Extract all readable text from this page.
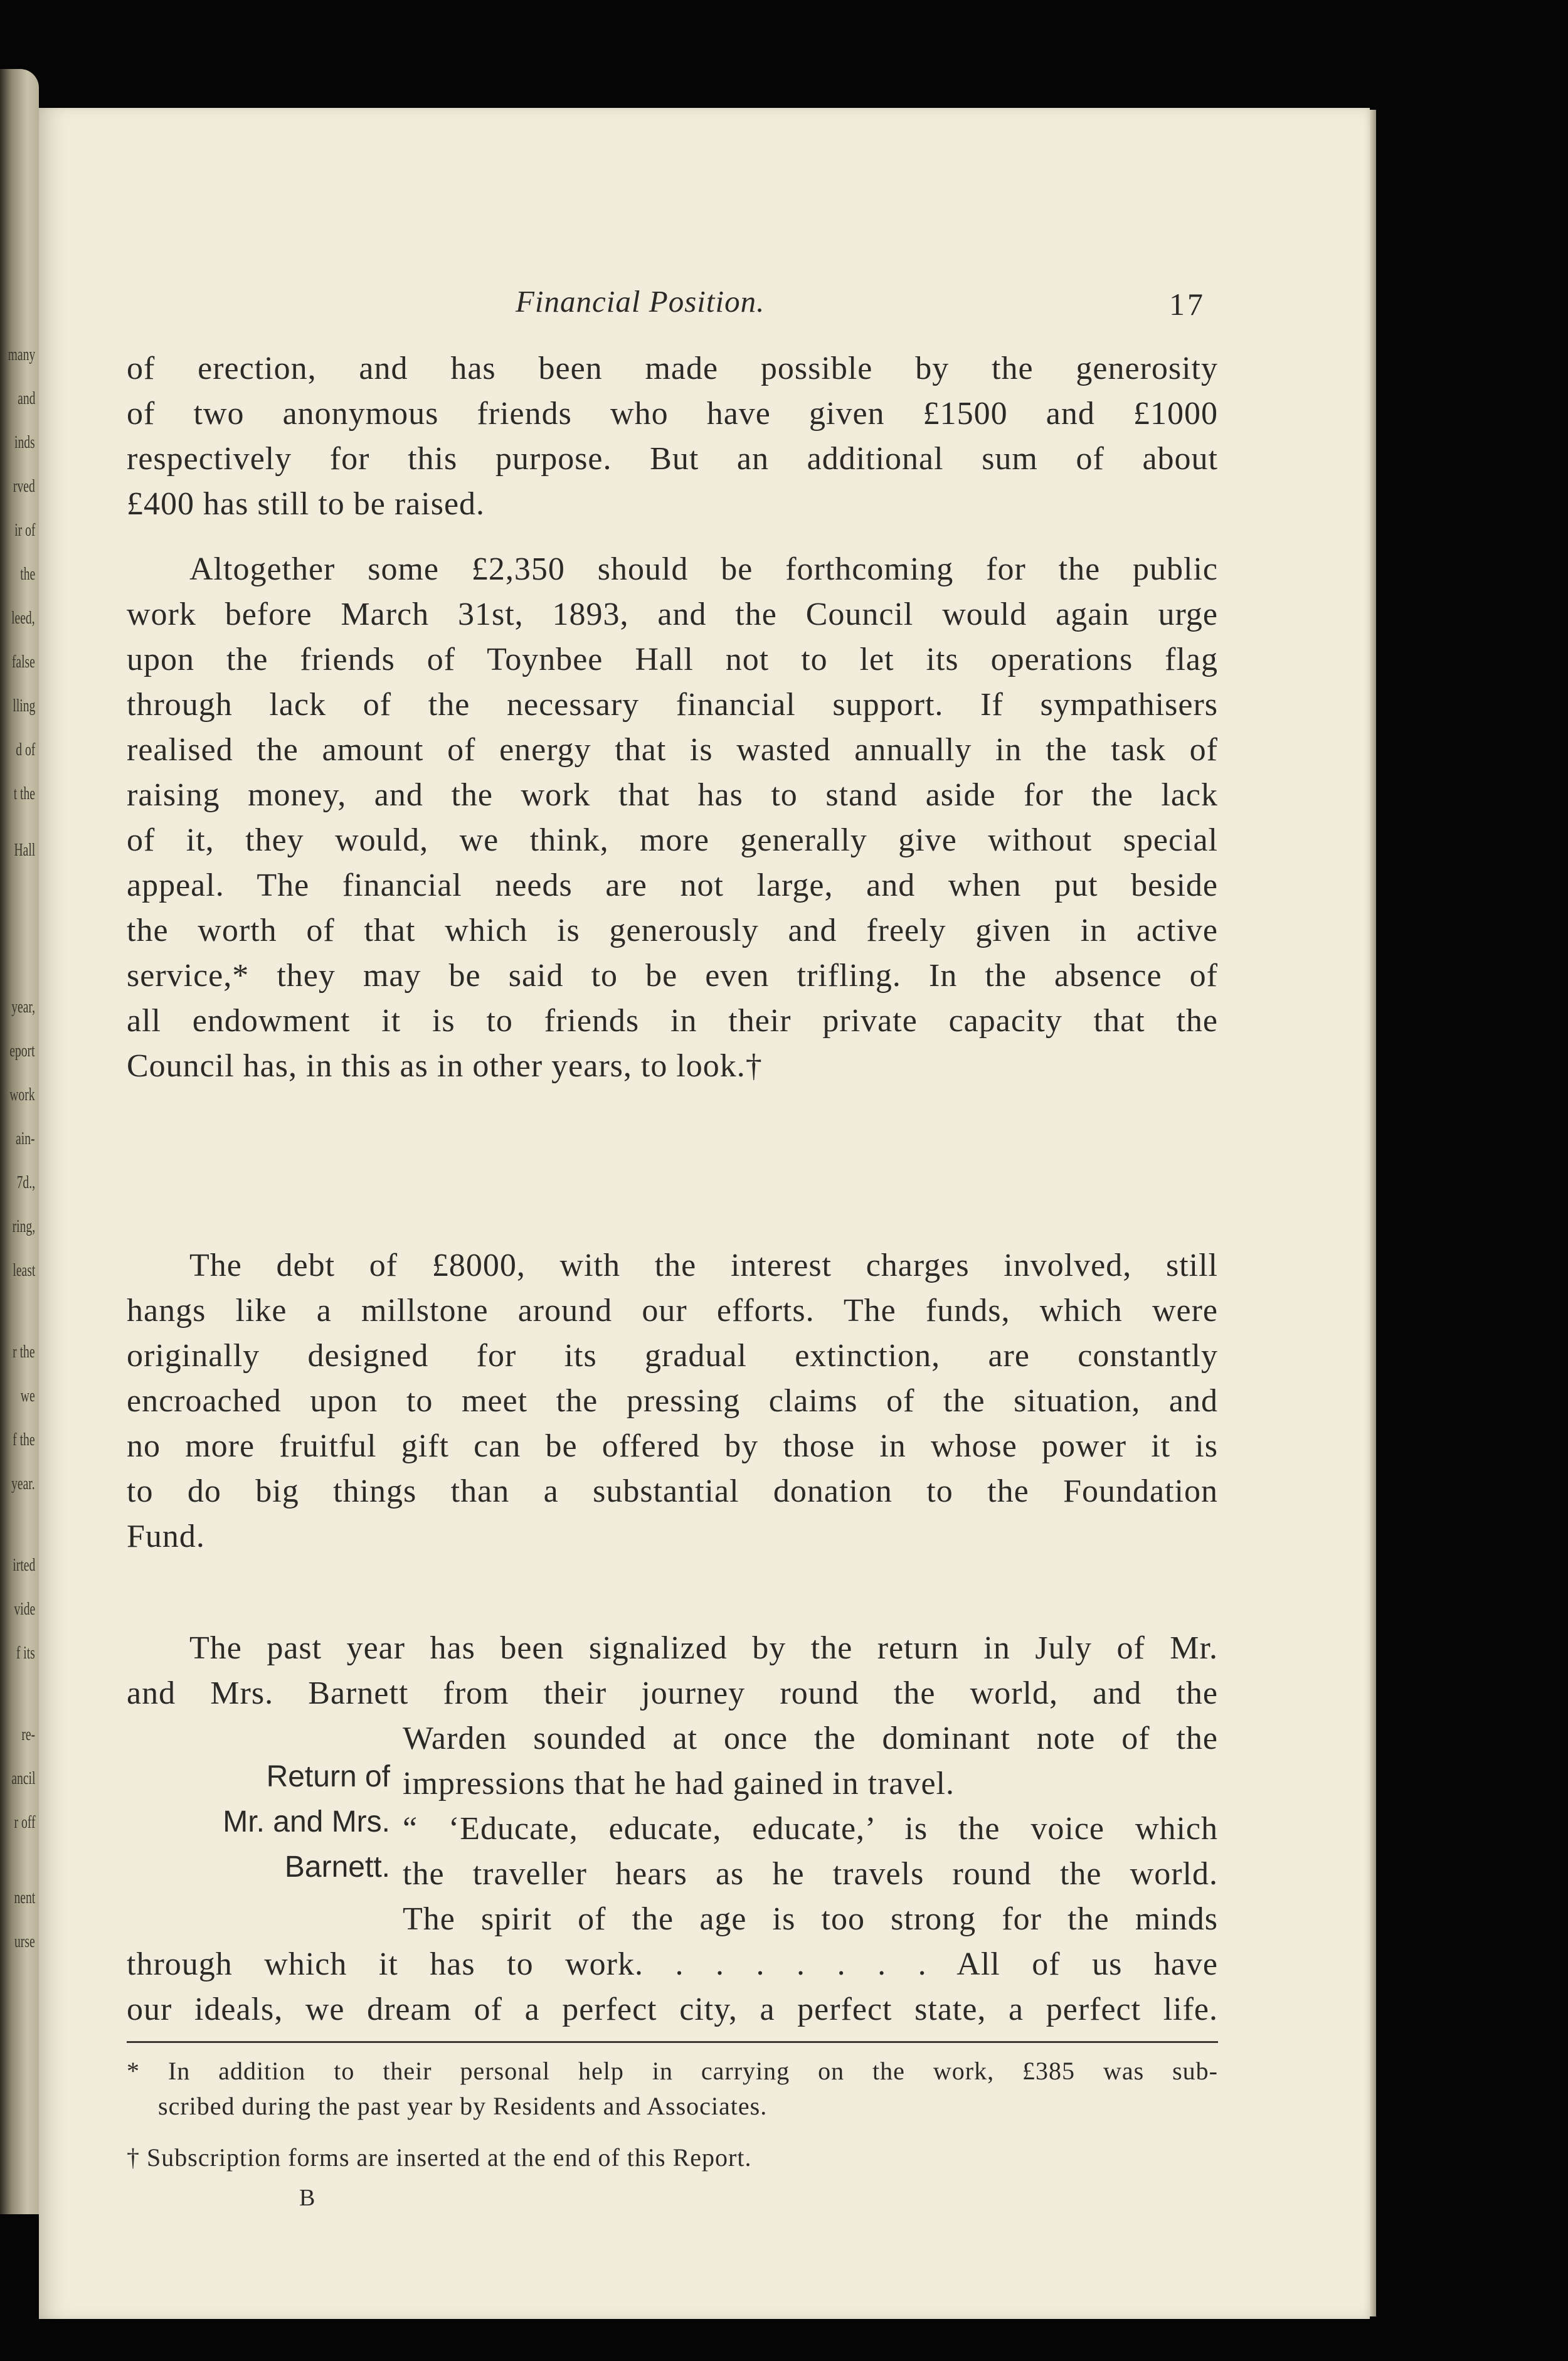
many
and
inds
rved
ir of
the
leed,
false
lling
d of
t the
Hall
year,
eport
work
ain-
7d.,
ring,
least
r the
we
f the
year.
irted
vide
f its
re-
ancil
r off
nent
urse
Financial Position.	17
of erection, and has been made possible by the generosity
of two anonymous friends who have given £1500 and £1000
respectively for this purpose. But an additional sum of about
£400 has still to be raised.
Altogether some £2,350 should be forthcoming for the public
work before March 31st, 1893, and the Council would again urge
upon the friends of Toynbee Hall not to let its operations flag
through lack of the necessary financial support. If sympathisers
realised the amount of energy that is wasted annually in the task of
raising money, and the work that has to stand aside for the lack
of it, they would, we think, more generally give without special
appeal. The financial needs are not large, and when put beside
the worth of that which is generously and freely given in active
service,* they may be said to be even trifling. In the absence of
all endowment it is to friends in their private capacity that the
Council has, in this as in other years, to look.†
The debt of £8000, with the interest charges involved, still
hangs like a millstone around our efforts. The funds, which were
originally designed for its gradual extinction, are constantly
encroached upon to meet the pressing claims of the situation, and
no more fruitful gift can be offered by those in whose power it is
to do big things than a substantial donation to the Foundation
Fund.
The past year has been signalized by the return in July of Mr.
and Mrs. Barnett from their journey round the world, and the
Warden sounded at once the dominant note of the
impressions that he had gained in travel.
“ ‘Educate, educate, educate,’ is the voice which
the traveller hears as he travels round the world.
The spirit of the age is too strong for the minds
through which it has to work. . . . . . . . All of us have
our ideals, we dream of a perfect city, a perfect state, a perfect life.
Return of
Mr. and Mrs.
Barnett.
* In addition to their personal help in carrying on the work, £385 was sub-
scribed during the past year by Residents and Associates.
† Subscription forms are inserted at the end of this Report.
B
